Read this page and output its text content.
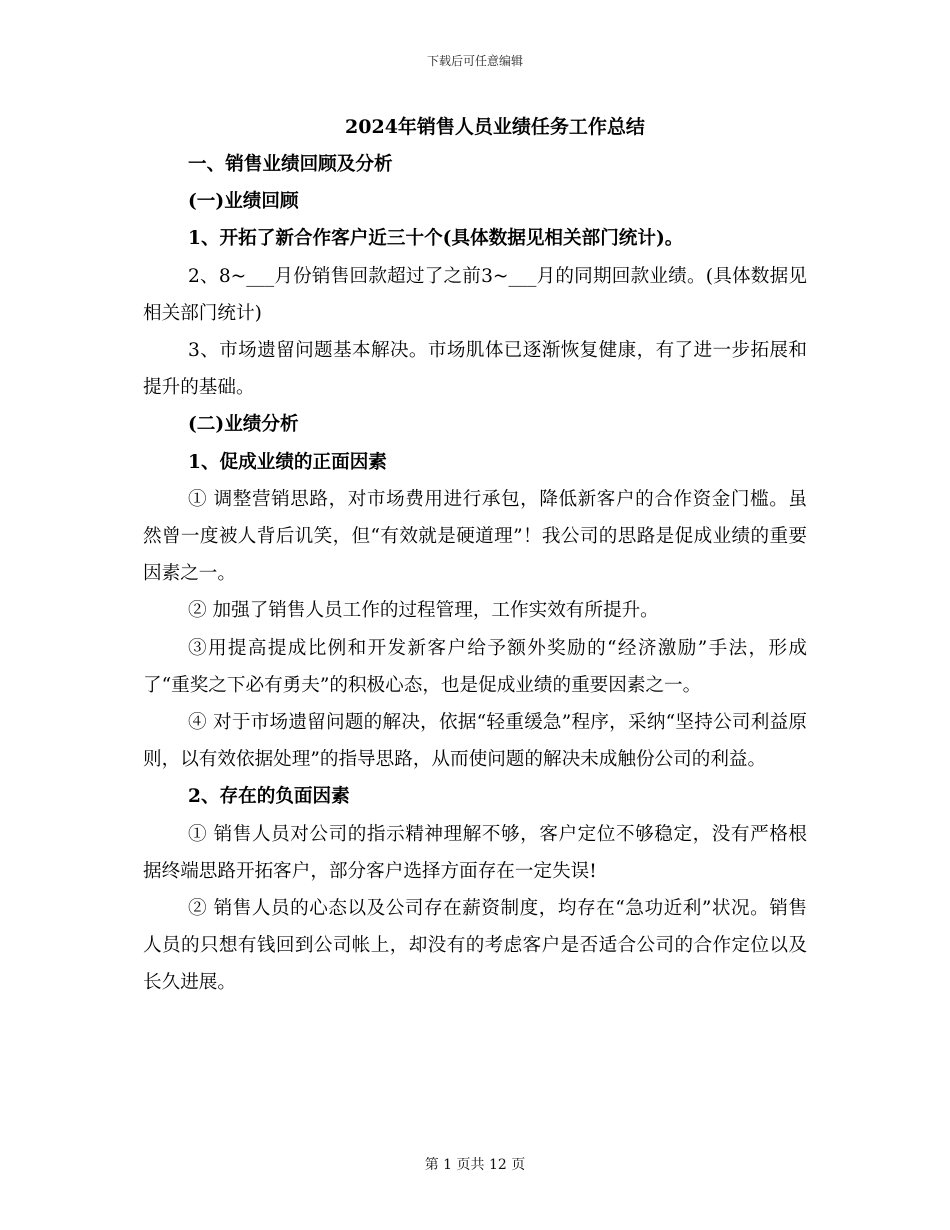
下载后可任意编辑
2024年销售人员业绩任务工作总结

一、销售业绩回顾及分析

(一)业绩回顾

1、开拓了新合作客户近三十个(具体数据见相关部门统计)。

2、8~___月份销售回款超过了之前3~___月的同期回款业绩。(具体数据见相关部门统计)

3、市场遗留问题基本解决。市场肌体已逐渐恢复健康，有了进一步拓展和提升的基础。

(二)业绩分析

1、促成业绩的正面因素

① 调整营销思路，对市场费用进行承包，降低新客户的合作资金门槛。虽然曾一度被人背后讥笑，但“有效就是硬道理”！我公司的思路是促成业绩的重要因素之一。

② 加强了销售人员工作的过程管理，工作实效有所提升。

③用提高提成比例和开发新客户给予额外奖励的“经济激励”手法，形成了“重奖之下必有勇夫”的积极心态，也是促成业绩的重要因素之一。

④ 对于市场遗留问题的解决，依据“轻重缓急”程序，采纳“坚持公司利益原则，以有效依据处理”的指导思路，从而使问题的解决未成触份公司的利益。

2、存在的负面因素

① 销售人员对公司的指示精神理解不够，客户定位不够稳定，没有严格根据终端思路开拓客户，部分客户选择方面存在一定失误!

② 销售人员的心态以及公司存在薪资制度，均存在“急功近利”状况。销售人员的只想有钱回到公司帐上，却没有的考虑客户是否适合公司的合作定位以及长久进展。

第 1 页共 12 页
